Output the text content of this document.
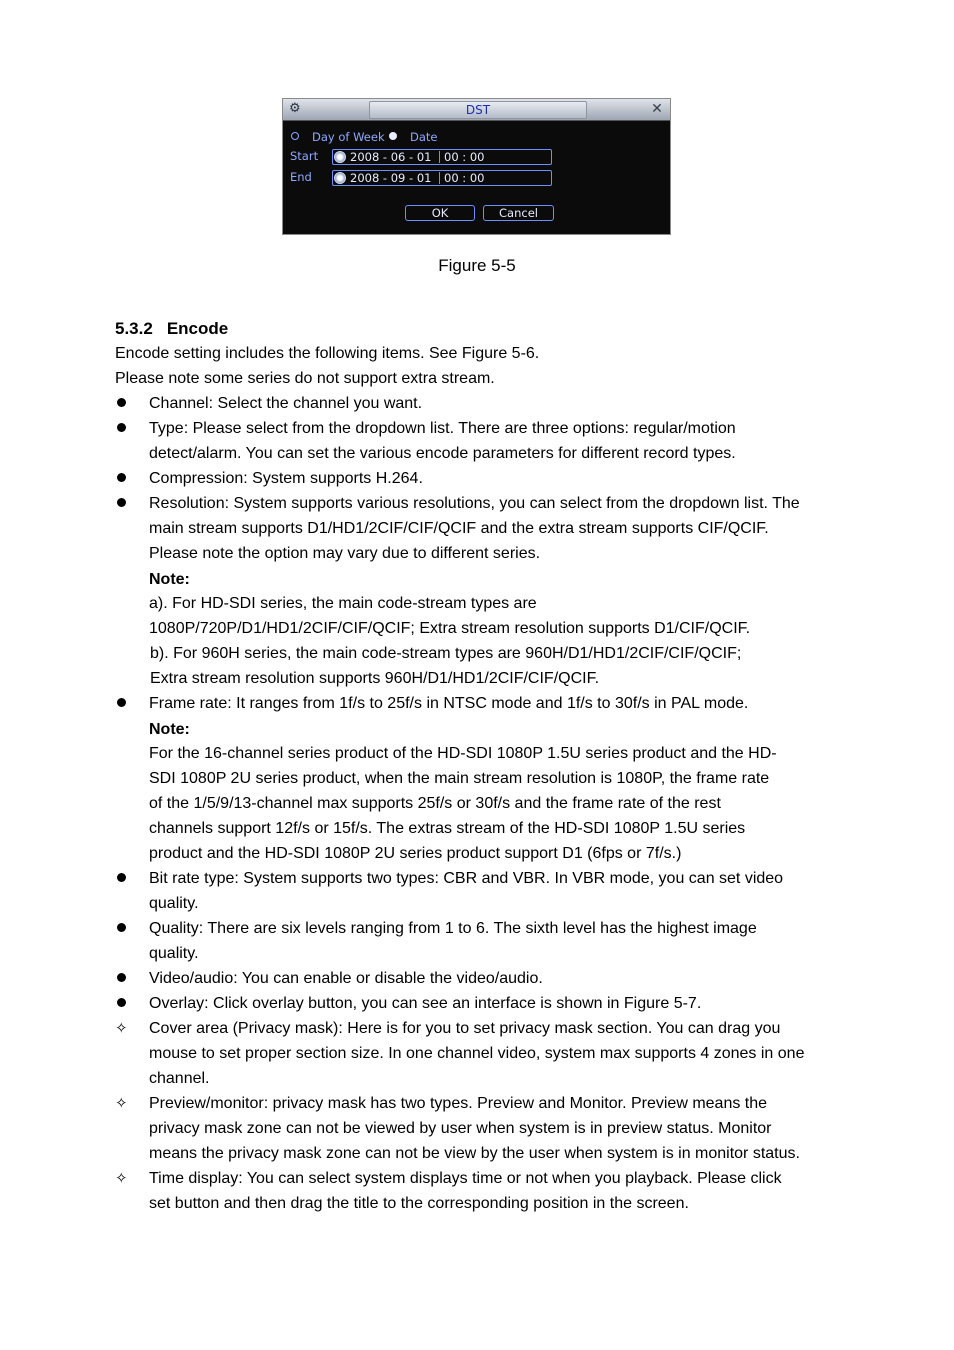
⚙	DST	✕
Day of Week Date
Start	2008 - 06 - 01 00 : 00
End	2008 - 09 - 01 00 : 00
OK	Cancel
Figure 5-5
5.3.2 Encode
Encode setting includes the following items. See Figure 5-6.
Please note some series do not support extra stream.
Channel: Select the channel you want.
Type: Please select from the dropdown list. There are three options: regular/motion
detect/alarm. You can set the various encode parameters for different record types.
Compression: System supports H.264.
Resolution: System supports various resolutions, you can select from the dropdown list. The
main stream supports D1/HD1/2CIF/CIF/QCIF and the extra stream supports CIF/QCIF.
Please note the option may vary due to different series.
Note:
a). For HD-SDI series, the main code-stream types are
1080P/720P/D1/HD1/2CIF/CIF/QCIF; Extra stream resolution supports D1/CIF/QCIF.
b). For 960H series, the main code-stream types are 960H/D1/HD1/2CIF/CIF/QCIF;
Extra stream resolution supports 960H/D1/HD1/2CIF/CIF/QCIF.
Frame rate: It ranges from 1f/s to 25f/s in NTSC mode and 1f/s to 30f/s in PAL mode.
Note:
For the 16-channel series product of the HD-SDI 1080P 1.5U series product and the HD-
SDI 1080P 2U series product, when the main stream resolution is 1080P, the frame rate
of the 1/5/9/13-channel max supports 25f/s or 30f/s and the frame rate of the rest
channels support 12f/s or 15f/s. The extras stream of the HD-SDI 1080P 1.5U series
product and the HD-SDI 1080P 2U series product support D1 (6fps or 7f/s.)
Bit rate type: System supports two types: CBR and VBR. In VBR mode, you can set video
quality.
Quality: There are six levels ranging from 1 to 6. The sixth level has the highest image
quality.
Video/audio: You can enable or disable the video/audio.
Overlay: Click overlay button, you can see an interface is shown in Figure 5-7.
✧ Cover area (Privacy mask): Here is for you to set privacy mask section. You can drag you
mouse to set proper section size. In one channel video, system max supports 4 zones in one
channel.
✧ Preview/monitor: privacy mask has two types. Preview and Monitor. Preview means the
privacy mask zone can not be viewed by user when system is in preview status. Monitor
means the privacy mask zone can not be view by the user when system is in monitor status.
✧ Time display: You can select system displays time or not when you playback. Please click
set button and then drag the title to the corresponding position in the screen.
